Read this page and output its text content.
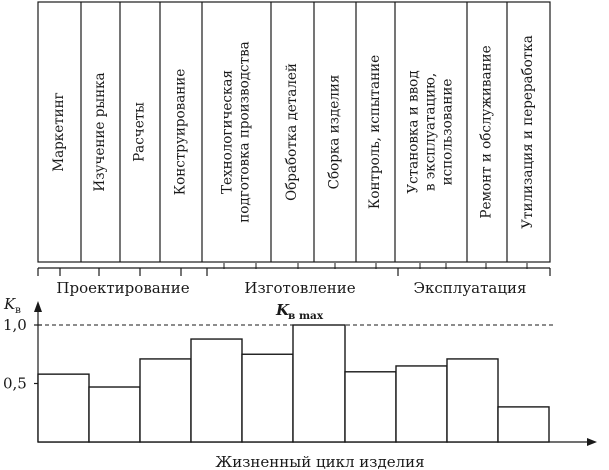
Маркетинг Изучение рынка Расчеты Конструирование Технологическая подготовка производства Обработка деталей Сборка изделия Контроль, испытание Установка и ввод в эксплуатацию, использование Ремонт и обслуживание Утилизация и переработка
Проектирование	Изготовление	Эксплуатация
0,5
1,0
K в	K
в max
Жизненный цикл изделия
